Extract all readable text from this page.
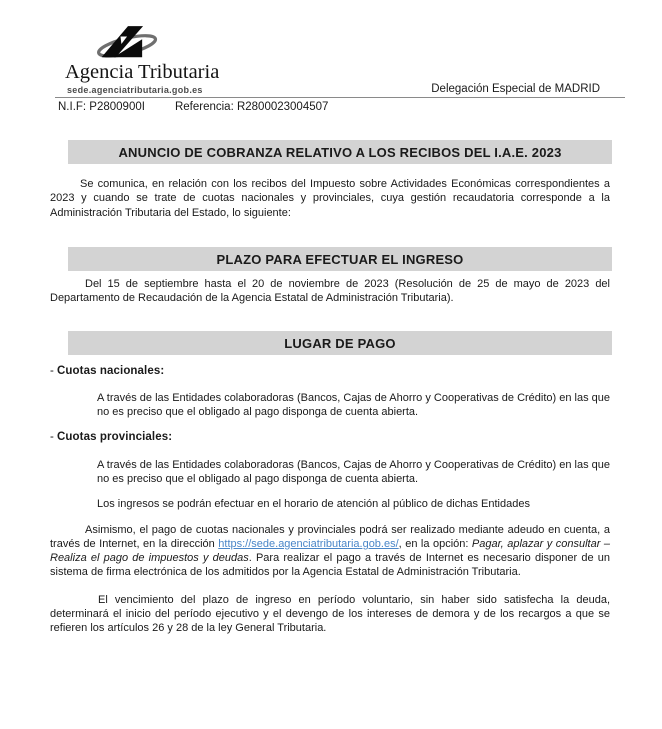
Agencia Tributaria
sede.agenciatributaria.gob.es	Delegación Especial de MADRID
N.I.F: P2800900I	Referencia: R2800023004507
ANUNCIO DE COBRANZA RELATIVO A LOS RECIBOS DEL I.A.E. 2023

Se comunica, en relación con los recibos del Impuesto sobre Actividades Económicas correspondientes a 2023 y cuando se trate de cuotas nacionales y provinciales, cuya gestión recaudatoria corresponde a la Administración Tributaria del Estado, lo siguiente:

PLAZO PARA EFECTUAR EL INGRESO

Del 15 de septiembre hasta el 20 de noviembre de 2023 (Resolución de 25 de mayo de 2023 del Departamento de Recaudación de la Agencia Estatal de Administración Tributaria).

LUGAR DE PAGO

- Cuotas nacionales:

A través de las Entidades colaboradoras (Bancos, Cajas de Ahorro y Cooperativas de Crédito) en las que no es preciso que el obligado al pago disponga de cuenta abierta.

- Cuotas provinciales:

A través de las Entidades colaboradoras (Bancos, Cajas de Ahorro y Cooperativas de Crédito) en las que no es preciso que el obligado al pago disponga de cuenta abierta.

Los ingresos se podrán efectuar en el horario de atención al público de dichas Entidades

Asimismo, el pago de cuotas nacionales y provinciales podrá ser realizado mediante adeudo en cuenta, a través de Internet, en la dirección https://sede.agenciatributaria.gob.es/, en la opción: Pagar, aplazar y consultar – Realiza el pago de impuestos y deudas. Para realizar el pago a través de Internet es necesario disponer de un sistema de firma electrónica de los admitidos por la Agencia Estatal de Administración Tributaria.

El vencimiento del plazo de ingreso en período voluntario, sin haber sido satisfecha la deuda, determinará el inicio del período ejecutivo y el devengo de los intereses de demora y de los recargos a que se refieren los artículos 26 y 28 de la ley General Tributaria.
